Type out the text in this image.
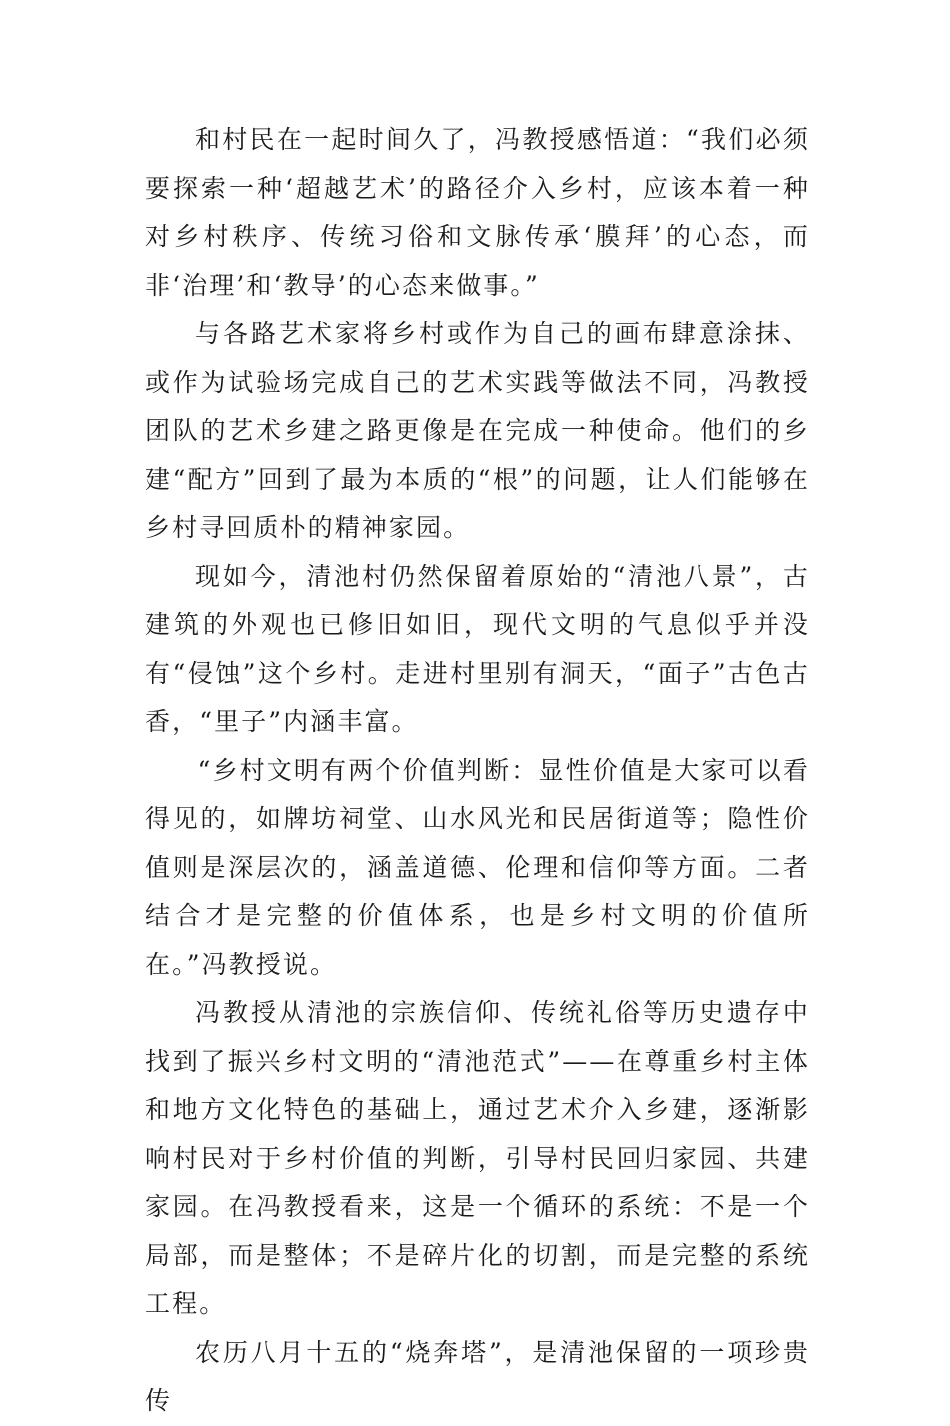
和村民在一起时间久了，冯教授感悟道：“我们必须要探索一种‘超越艺术’的路径介入乡村，应该本着一种对乡村秩序、传统习俗和文脉传承‘膜拜’的心态，而非‘治理’和‘教导’的心态来做事。”

与各路艺术家将乡村或作为自己的画布肆意涂抹、或作为试验场完成自己的艺术实践等做法不同，冯教授团队的艺术乡建之路更像是在完成一种使命。他们的乡建“配方”回到了最为本质的“根”的问题，让人们能够在乡村寻回质朴的精神家园。

现如今，清池村仍然保留着原始的“清池八景”，古建筑的外观也已修旧如旧，现代文明的气息似乎并没有“侵蚀”这个乡村。走进村里别有洞天，“面子”古色古香，“里子”内涵丰富。

“乡村文明有两个价值判断：显性价值是大家可以看得见的，如牌坊祠堂、山水风光和民居街道等；隐性价值则是深层次的，涵盖道德、伦理和信仰等方面。二者结合才是完整的价值体系，也是乡村文明的价值所在。”冯教授说。

冯教授从清池的宗族信仰、传统礼俗等历史遗存中找到了振兴乡村文明的“清池范式”——在尊重乡村主体和地方文化特色的基础上，通过艺术介入乡建，逐渐影响村民对于乡村价值的判断，引导村民回归家园、共建家园。在冯教授看来，这是一个循环的系统：不是一个局部，而是整体；不是碎片化的切割，而是完整的系统工程。

农历八月十五的“烧奔塔”，是清池保留的一项珍贵传
